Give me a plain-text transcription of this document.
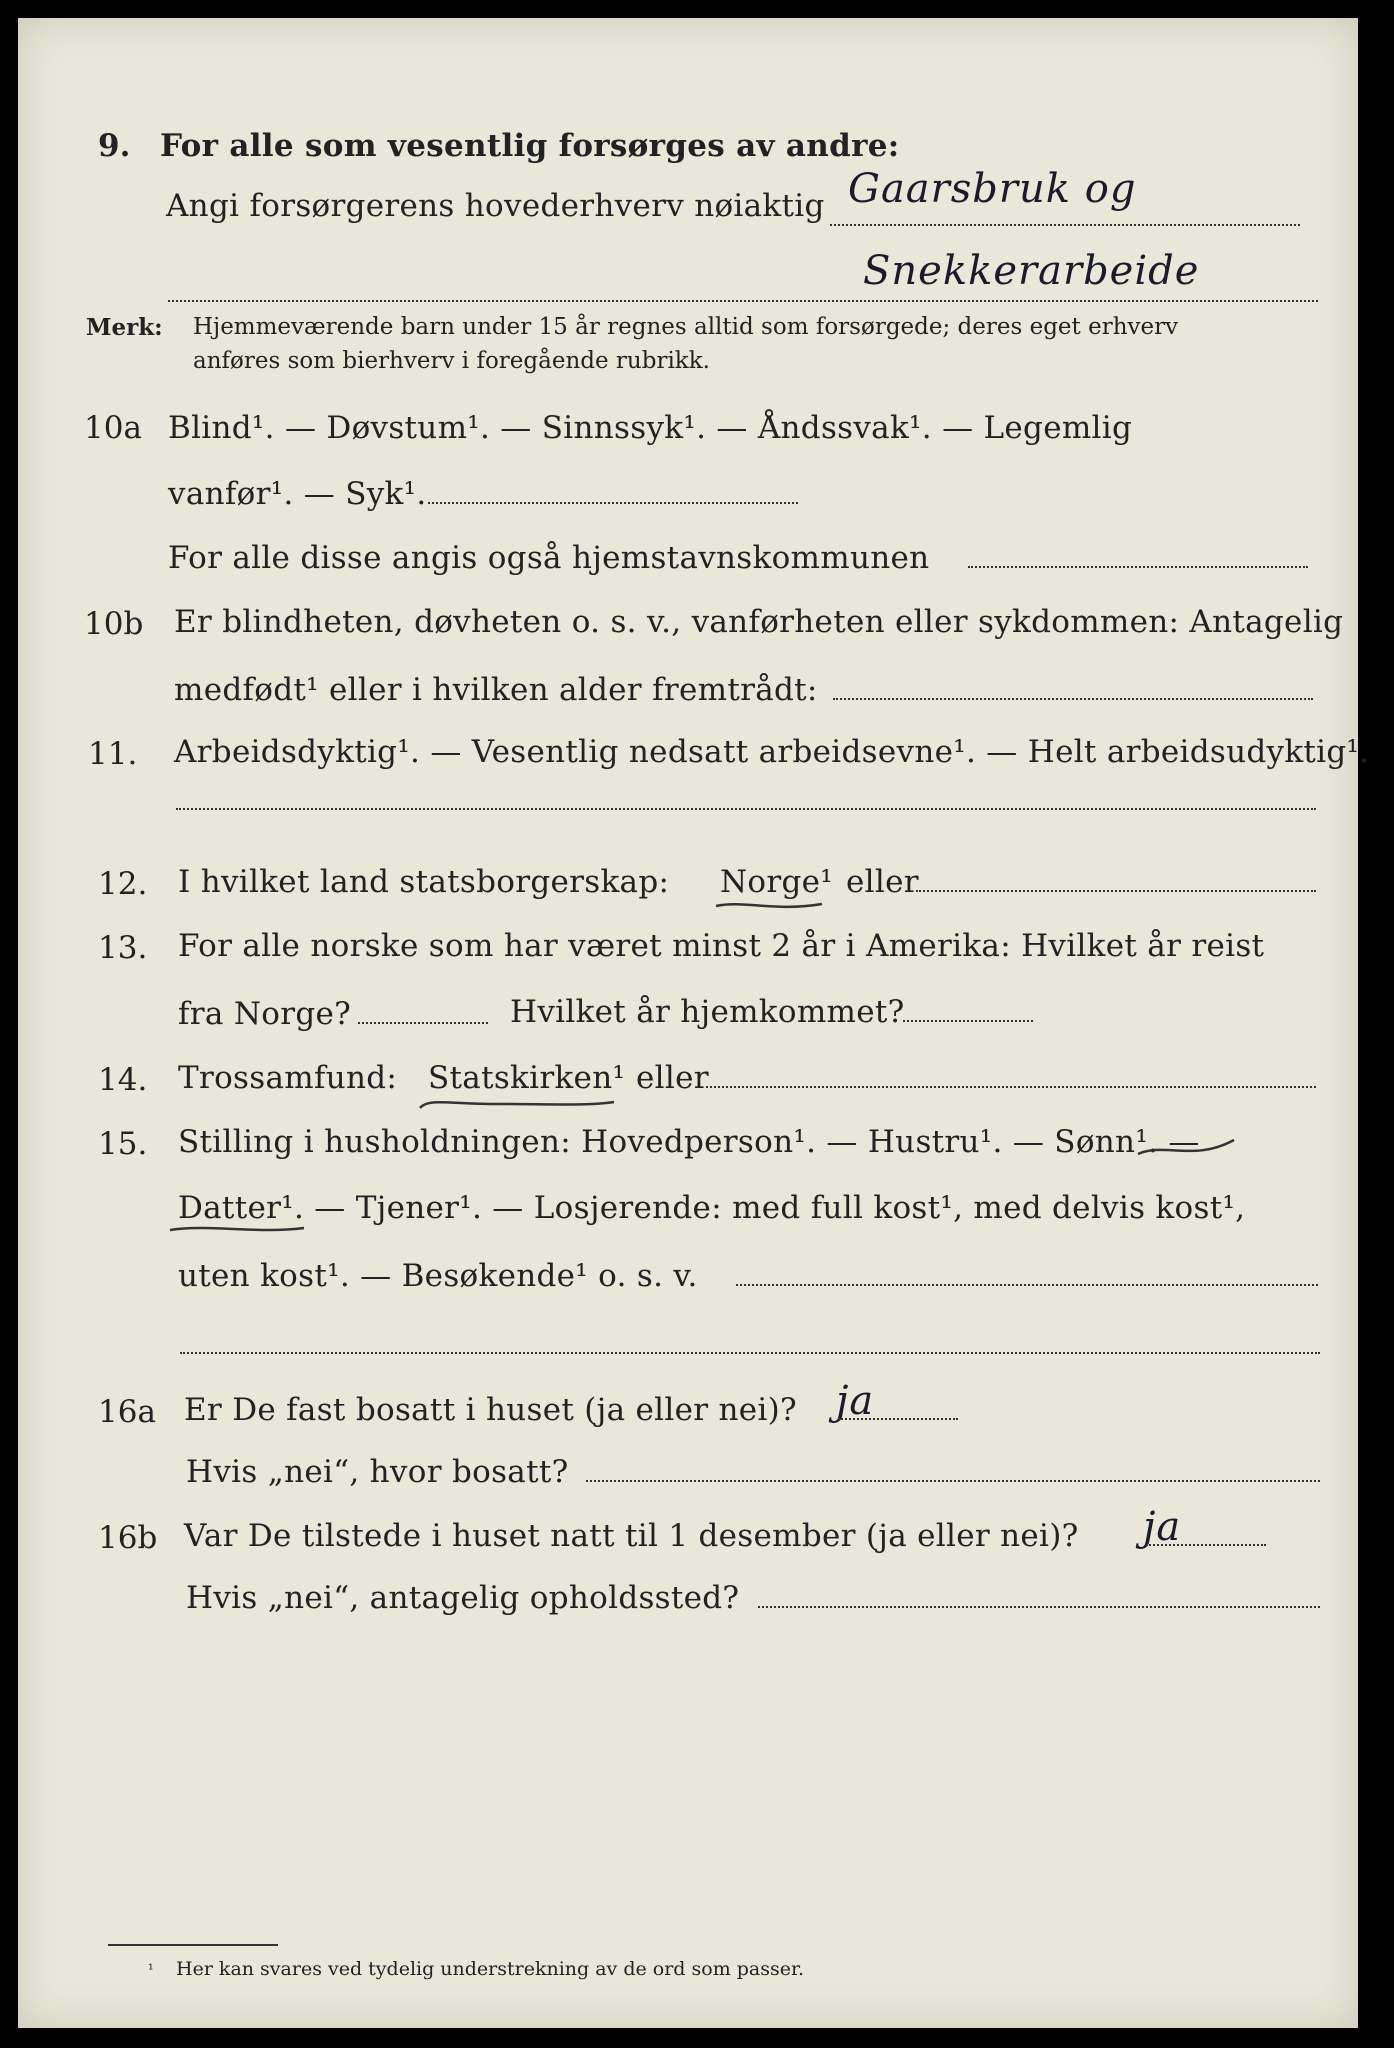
9. For alle som vesentlig forsørges av andre:
Angi forsørgerens hovederhverv nøiaktig Gaarsbruk og
Snekkerarbeide
Merk: Hjemmeværende barn under 15 år regnes alltid som forsørgede; deres eget erhverv
anføres som bierhverv i foregående rubrikk.
10a Blind¹. — Døvstum¹. — Sinnssyk¹. — Åndssvak¹. — Legemlig
vanfør¹. — Syk¹.
For alle disse angis også hjemstavnskommunen
10b Er blindheten, døvheten o. s. v., vanførheten eller sykdommen: Antagelig
medfødt¹ eller i hvilken alder fremtrådt:
11. Arbeidsdyktig¹. — Vesentlig nedsatt arbeidsevne¹. — Helt arbeidsudyktig¹.
12. I hvilket land statsborgerskap: Norge¹ eller
13. For alle norske som har været minst 2 år i Amerika: Hvilket år reist
fra Norge?	Hvilket år hjemkommet?
14. Trossamfund: Statskirken¹ eller
15. Stilling i husholdningen: Hovedperson¹. — Hustru¹. — Sønn¹. —
Datter¹. — Tjener¹. — Losjerende: med full kost¹, med delvis kost¹,
uten kost¹. — Besøkende¹ o. s. v.
16a Er De fast bosatt i huset (ja eller nei)? ja
Hvis „nei“, hvor bosatt?
16b Var De tilstede i huset natt til 1 desember (ja eller nei)? ja
Hvis „nei“, antagelig opholdssted?
¹ Her kan svares ved tydelig understrekning av de ord som passer.
